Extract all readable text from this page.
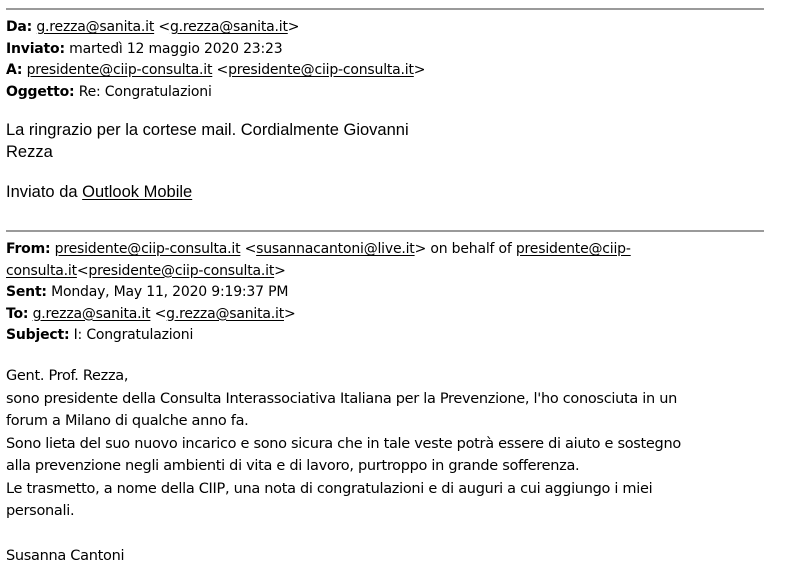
Da: g.rezza@sanita.it <g.rezza@sanita.it>
Inviato: martedì 12 maggio 2020 23:23
A: presidente@ciip-consulta.it <presidente@ciip-consulta.it>
Oggetto: Re: Congratulazioni
La ringrazio per la cortese mail. Cordialmente Giovanni
Rezza
Inviato da Outlook Mobile
From: presidente@ciip-consulta.it <susannacantoni@live.it> on behalf of presidente@ciip-
consulta.it<presidente@ciip-consulta.it>
Sent: Monday, May 11, 2020 9:19:37 PM
To: g.rezza@sanita.it <g.rezza@sanita.it>
Subject: I: Congratulazioni
Gent. Prof. Rezza,
sono presidente della Consulta Interassociativa Italiana per la Prevenzione, l'ho conosciuta in un
forum a Milano di qualche anno fa.
Sono lieta del suo nuovo incarico e sono sicura che in tale veste potrà essere di aiuto e sostegno
alla prevenzione negli ambienti di vita e di lavoro, purtroppo in grande sofferenza.
Le trasmetto, a nome della CIIP, una nota di congratulazioni e di auguri a cui aggiungo i miei
personali.
Susanna Cantoni
